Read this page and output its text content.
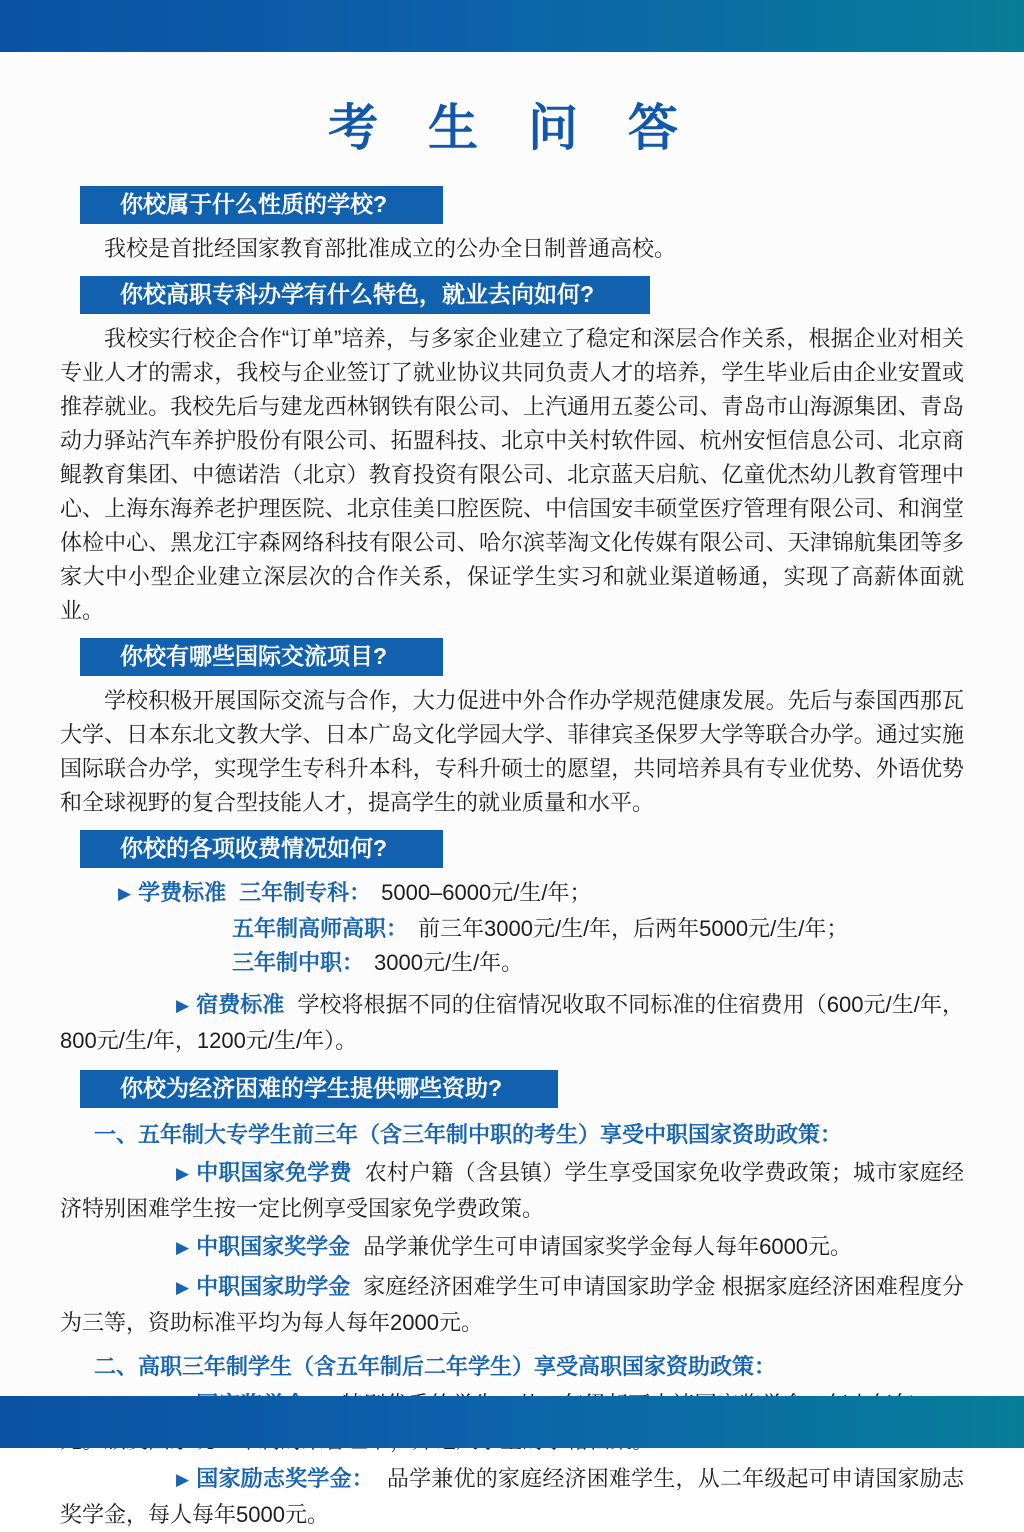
考 生 问 答
你校属于什么性质的学校?

我校是首批经国家教育部批准成立的公办全日制普通高校。

你校高职专科办学有什么特色，就业去向如何?

我校实行校企合作“订单”培养，与多家企业建立了稳定和深层合作关系，根据企业对相关专业人才的需求，我校与企业签订了就业协议共同负责人才的培养，学生毕业后由企业安置或推荐就业。我校先后与建龙西林钢铁有限公司、上汽通用五菱公司、青岛市山海源集团、青岛动力驿站汽车养护股份有限公司、拓盟科技、北京中关村软件园、杭州安恒信息公司、北京商鲲教育集团、中德诺浩（北京）教育投资有限公司、北京蓝天启航、亿童优杰幼儿教育管理中心、上海东海养老护理医院、北京佳美口腔医院、中信国安丰硕堂医疗管理有限公司、和润堂体检中心、黑龙江宇森网络科技有限公司、哈尔滨莘淘文化传媒有限公司、天津锦航集团等多家大中小型企业建立深层次的合作关系，保证学生实习和就业渠道畅通，实现了高薪体面就业。

你校有哪些国际交流项目?

学校积极开展国际交流与合作，大力促进中外合作办学规范健康发展。先后与泰国西那瓦大学、日本东北文教大学、日本广岛文化学园大学、菲律宾圣保罗大学等联合办学。通过实施国际联合办学，实现学生专科升本科，专科升硕士的愿望，共同培养具有专业优势、外语优势和全球视野的复合型技能人才，提高学生的就业质量和水平。

你校的各项收费情况如何?
▶ 学费标准 三年制专科： 5000–6000元/生/年；
五年制高师高职： 前三年3000元/生/年，后两年5000元/生/年；
三年制中职： 3000元/生/年。

▶ 宿费标准 学校将根据不同的住宿情况收取不同标准的住宿费用（600元/生/年，800元/生/年，1200元/生/年）。

你校为经济困难的学生提供哪些资助?

一、五年制大专学生前三年（含三年制中职的考生）享受中职国家资助政策：

▶ 中职国家免学费 农村户籍（含县镇）学生享受国家免收学费政策；城市家庭经济特别困难学生按一定比例享受国家免学费政策。

▶ 中职国家奖学金 品学兼优学生可申请国家奖学金每人每年6000元。

▶ 中职国家助学金 家庭经济困难学生可申请国家助学金 根据家庭经济困难程度分为三等，资助标准平均为每人每年2000元。

二、高职三年制学生（含五年制后二年学生）享受高职国家资助政策：

▶ 国家励志奖学金： 品学兼优的家庭经济困难学生，从二年级起可申请国家励志奖学金，每人每年5000元。
